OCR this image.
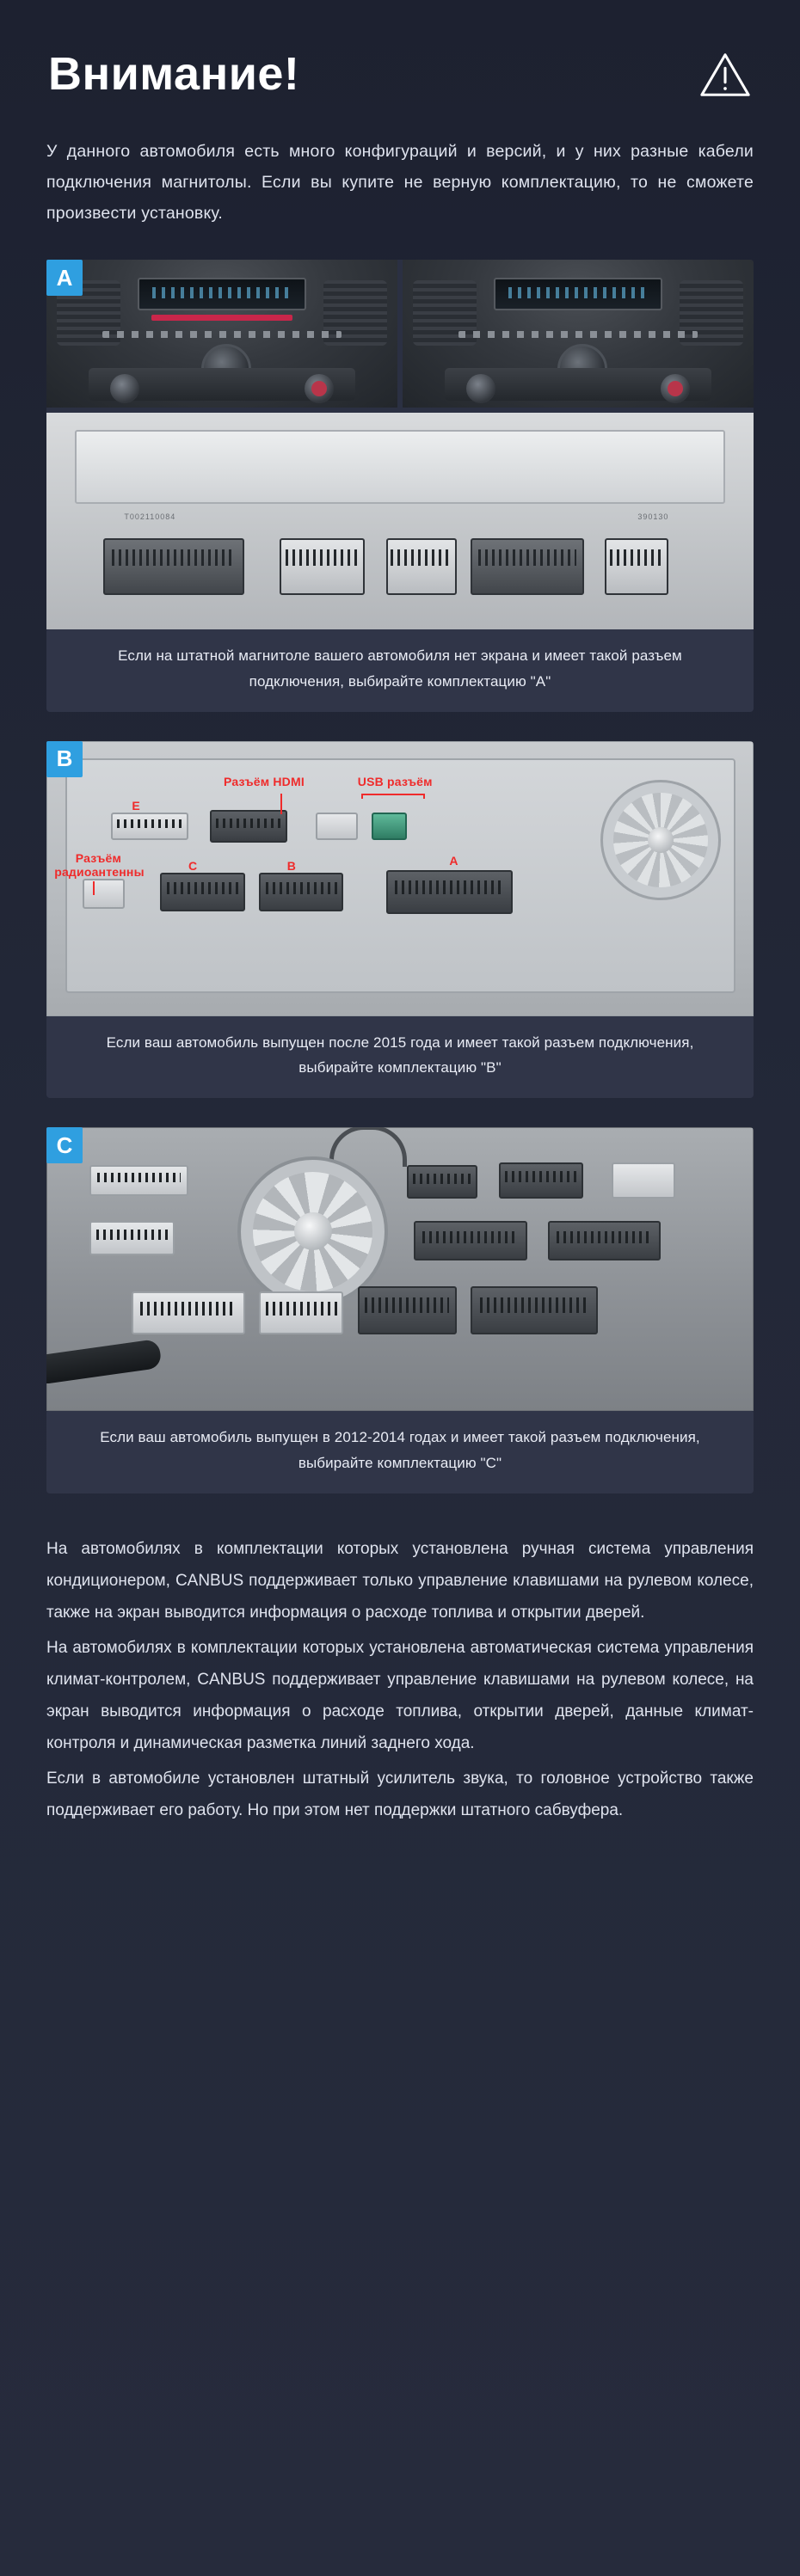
Внимание!
У данного автомобиля есть много конфигураций и версий, и у них разные кабели подключения магнитолы. Если вы купите не верную комплектацию, то не сможете произвести установку.
A
T002110084	390130
Если на штатной магнитоле вашего автомобиля нет экрана и имеет такой разъем подключения, выбирайте комплектацию "А"
B
Разъём HDMI	USB разъём
Разъём
радиоантенны
E
C	B	A
Если ваш автомобиль выпущен после 2015 года и имеет такой разъем подключения, выбирайте комплектацию "B"
C
Если ваш автомобиль выпущен в 2012-2014 годах и имеет такой разъем подключения, выбирайте комплектацию "C"

На автомобилях в комплектации которых установлена ручная система управления кондиционером, CANBUS поддерживает только управление клавишами на рулевом колесе, также на экран выводится информация о расходе топлива и открытии дверей.

На автомобилях в комплектации которых установлена автоматическая система управления климат-контролем, CANBUS поддерживает управление клавишами на рулевом колесе, на экран выводится информация о расходе топлива, открытии дверей, данные климат-контроля и динамическая разметка линий заднего хода.

Если в автомобиле установлен штатный усилитель звука, то головное устройство также поддерживает его работу. Но при этом нет поддержки штатного сабвуфера.
